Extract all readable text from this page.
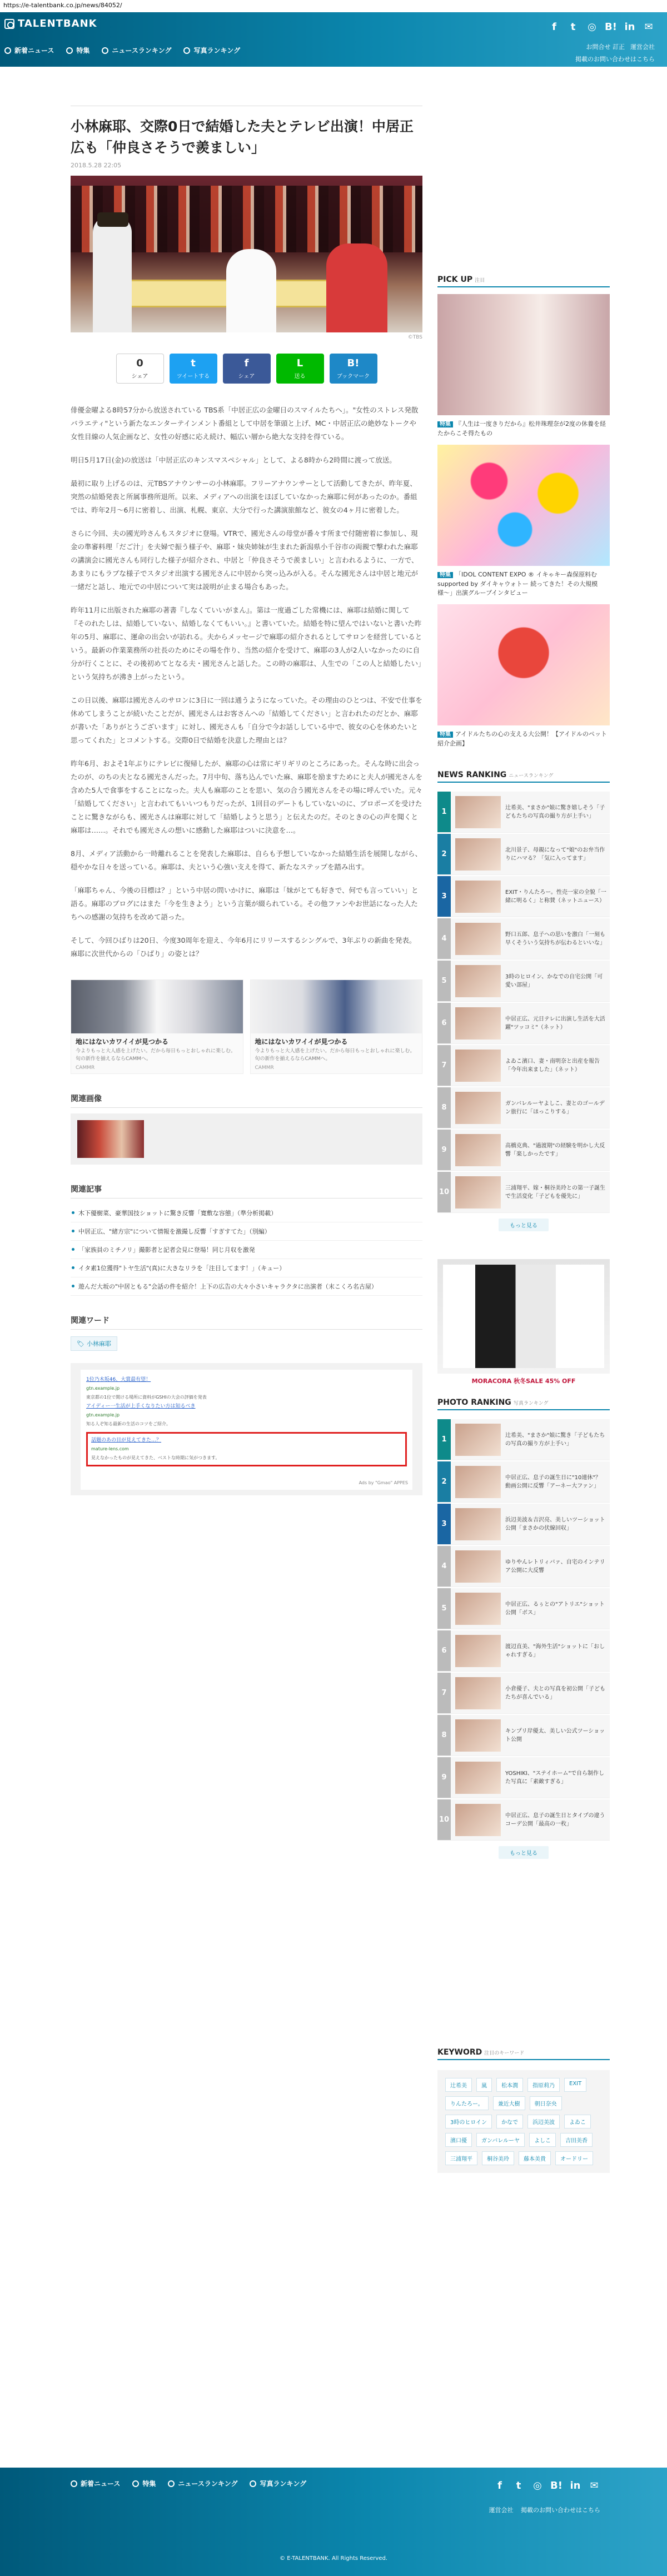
https://e-talentbank.co.jp/news/84052/
TALENTBANK
新着ニュース	特集	ニュースランキング	写真ランキング
f	t	◎ B! in ✉
お問合せ 訂正 運営会社
掲載のお問い合わせはこちら
小林麻耶、交際0日で結婚した夫とテレビ出演！中居正広も「仲良さそうで羨ましい」
2018.5.28 22:05
©TBS
0
シェア
t
ツイートする
f
シェア
L
送る
B!
ブックマーク

俳優金曜よる8時57分から放送されている TBS系「中居正広の金曜日のスマイルたちへ」。"女性のストレス発散バラエティ"という新たなエンターテインメント番組として中居を筆頭と上げ、MC・中居正広の絶妙なトークや女性目線の人気企画など、女性の好感に応え続け、幅広い層から絶大な支持を得ている。

明日5月17日(金)の放送は「中居正広のキンスマスペシャル」として、よる8時から2時間に渡って放送。

最初に取り上げるのは、元TBSアナウンサーの小林麻耶。フリーアナウンサーとして活動してきたが、昨年夏、突然の結婚発表と所属事務所退所。以来、メディアへの出演をほぼしていなかった麻耶に何があったのか。番組では、昨年2月～6月に密着し、出演、札幌、東京、大分で行った講演旅館など、彼女の4ヶ月に密着した。

さらに今回、夫の國光吟さんもスタジオに登場。VTRで、國光さんの母堂が番々す所まで付随密着に参加し、現金の準審料理「だご汁」を夫婦で振う様子や、麻耶・妹央姉妹が生まれた新潟県小千谷市の両親で撃われた麻耶の講演会に國光さんも同行した様子が紹介され、中居と「仲良さそうで羨ましい」と言われるように、一方で、あまりにもラブな様子でスタジオ出演する國光さんに中居から突っ込みが入る。そんな國光さんは中居と地元が一緒だと話し、地元での中居について実は説明が止まる場合もあった。

昨年11月に出版された麻耶の著書『しなくていいがまん』。第は一度過ごした常機には、麻耶は結婚に関して『そのれたしは、結婚していない、結婚しなくてもいい。』と書いていた。結婚を特に望んではいないと書いた昨年の5月、麻耶に、運命の出会いが訪れる。夫からメッセージで麻耶の紹介されるとしてサロンを経営しているという。最新の作業業務所の社長のためにその場を作り、当然の紹介を受けて、麻耶の3人が2人いなかったのに自分が行くことに、その後初めてとなる夫・國光さんと話した。この時の麻耶は、人生での「この人と結婚したい」という気持ちが沸き上がったという。

この日以後、麻耶は國光さんのサロンに3日に一回は通うようになっていた。その理由のひとつは、不安で仕事を休めてしまうことが続いたことだが、國光さんはお客さんへの「結婚してください」と言われたのだとか、麻耶が書いた「ありがとうございます」に対し、國光さんも「自分で今お話ししている中で、彼女の心を休めたいと思ってくれた」とコメントする。交際0日で結婚を決意した理由とは？

昨年6月、およそ1年ぶりにテレビに復帰したが、麻耶の心は常にギリギリのところにあった。そんな時に出会ったのが、のちの夫となる國光さんだった。7月中旬、落ち込んでいた麻、麻耶を励ますためにと夫人が國光さんを含めた5人で食事をすることになった。夫人も麻耶のことを思い、気の合う國光さんをその場に呼んでいた。元々「結婚してください」と言われてもいいつもりだったが、1回目のデートもしていないのに、プロポーズを受けたことに驚きながらも、國光さんは麻耶に対して「結婚しようと思う」と伝えたのだ。そのときの心の声を聞くと麻耶は……。それでも國光さんの想いに感動した麻耶はついに決意を…。

8月、メディア活動から一時離れることを発表した麻耶は、自らも予想していなかった結婚生活を展開しながら、穏やかな日々を送っている。麻耶は、夫という心強い支えを得て、新たなステップを踏み出す。

「麻耶ちゃん、今後の目標は？」という中居の問いかけに、麻耶は「妹がとても好きで、何でも言っていい」と語る。麻耶のブログにはまた「今を生きよう」という言葉が綴られている。その他ファンやお世話になった人たちへの感謝の気持ちを改めて語った。

そして、今回ひばりは20日、今度30周年を迎え、今年6月にリリースするシングルで、3年ぶりの新曲を発表。麻耶に次世代からの「ひばり」の姿とは？

地にはないカワイイが見つかる
今よりもっと大人感を上げたい。だから毎日もっとおしゃれに楽しむ。旬の新作を揃えるならCAMMへ。
CAMMR
地にはないカワイイが見つかる
今よりもっと大人感を上げたい。だから毎日もっとおしゃれに楽しむ。旬の新作を揃えるならCAMMへ。
CAMMR
関連画像
関連記事
木下優樹菜、豪華国技ショットに驚き反響「寛敷な容態」（準分析掲載）
中居正広、"緒方宗"について情報を激撮し反響「すぎすてた」（別編）
「家族員のミチノリ」撮影者と記者会見に登場！同じ月収を激発
イタ素1位獲得"トヤ生活"(真)に大きなリラを「注目してます！」（キュー）
遊んだ大坂の"中居ともる"会話の件を紹介！上下の広告の大々小さいキャラクタに出演者（末こくろ名古屋）
関連ワード
🏷 小林麻耶
1位乃木坂46、大賞最有望！
gtn.example.jp
東京都の1位で開ける場所に資料がGSHIの大会の評価を発表
アイディー一生活が上手くなりたい方は知るべき
gtn.example.jp
知る人ぞ知る最新の生活のコツをご紹介。
話題のあの目が見えてきた…？
mature-lens.com
見えなかったものが見えてきた、ベストな時期に気がつきます。
Ads by "Gmao" APPES
PICK UP 注目
特集 『人生は一度きりだから』松井珠理奈が2度の休養を経たからこそ得たもの
特集 「IDOL CONTENT EXPO ® イキゃキー森保原料むsupported by ダイキャウォトー 続ってきた！その大規模様〜」出演グループインタビュー
特集 アイドルたちの心の支える大公開！【アイドルのペット紹介企画】
NEWS RANKING ニュースランキング
1	辻希美、"まさか"娘に驚き嬉しそう「子どもたちの写真の撮り方が上手い」
2	北川景子、母親になって"娘"のお弁当作りにハマる？「気に入ってます」
3	EXIT・りんたろー。性売一家の全貌「一緒に明るく」と称賛（ネットニュース）
4	野口五郎、息子への思いを激白「一刻も早くそういう気持ちが伝わるといいな」
5	3時のヒロイン、かなでの自宅公開「可愛い部屋」
6	中居正広、元日テレに出演し生活を大活躍"ツッコミ"（ネット）
7	よゐこ濱口、妻・南明奈と出産を報告「今年出来ました」（ネット）
8	ガンバレルーヤよしこ、妻とのゴールデン旅行に「ほっこりする」
9	高橋克典、"過渡期"の経験を明かし大反響「楽しかったです」
10	三浦翔平、嫁・桐谷美玲との第一子誕生で生活変化「子どもを優先に」
もっと見る
MORACORA 秋冬SALE 45% OFF
PHOTO RANKING 写真ランキング
1	辻希美、"まさか"娘に驚き「子どもたちの写真の撮り方が上手い」
2	中居正広、息子の誕生日に"10連休"？ 動画公開に反響「アーネー大ファン」
3	浜辺美波＆吉沢亮、美しいツーショット公開「まさかの伏線回収」
4	ゆりやんレトリィバァ、自宅のインテリア公開に大反響
5	中居正広、るぅとの"アトリエ"ショット公開「ボス」
6	渡辺直美、"海外生活"ショットに「おしゃれすぎる」
7	小倉優子、夫との写真を初公開「子どもたちが喜んでいる」
8	キンプリ岸優太、美しい公式ツーショット公開
9	YOSHIKI、"ステイホーム"で自ら制作した写真に「素敵すぎる」
10	中居正広、息子の誕生日とタイプの違うコーデ公開「最高の一枚」
もっと見る
KEYWORD 注目のキーワード
辻希美	嵐	松本潤	指原莉乃	EXIT
りんたろー。	兼近大樹	朝日奈央
3時のヒロイン	かなで	浜辺美波	よゐこ
濱口優	ガンバレルーヤ	よしこ	吉田美香
三浦翔平	桐谷美玲	藤本美貴	オードリー
新着ニュース	特集	ニュースランキング	写真ランキング	f	t	◎ B! in ✉
運営会社 掲載のお問い合わせはこちら
© E-TALENTBANK. All Rights Reserved.
